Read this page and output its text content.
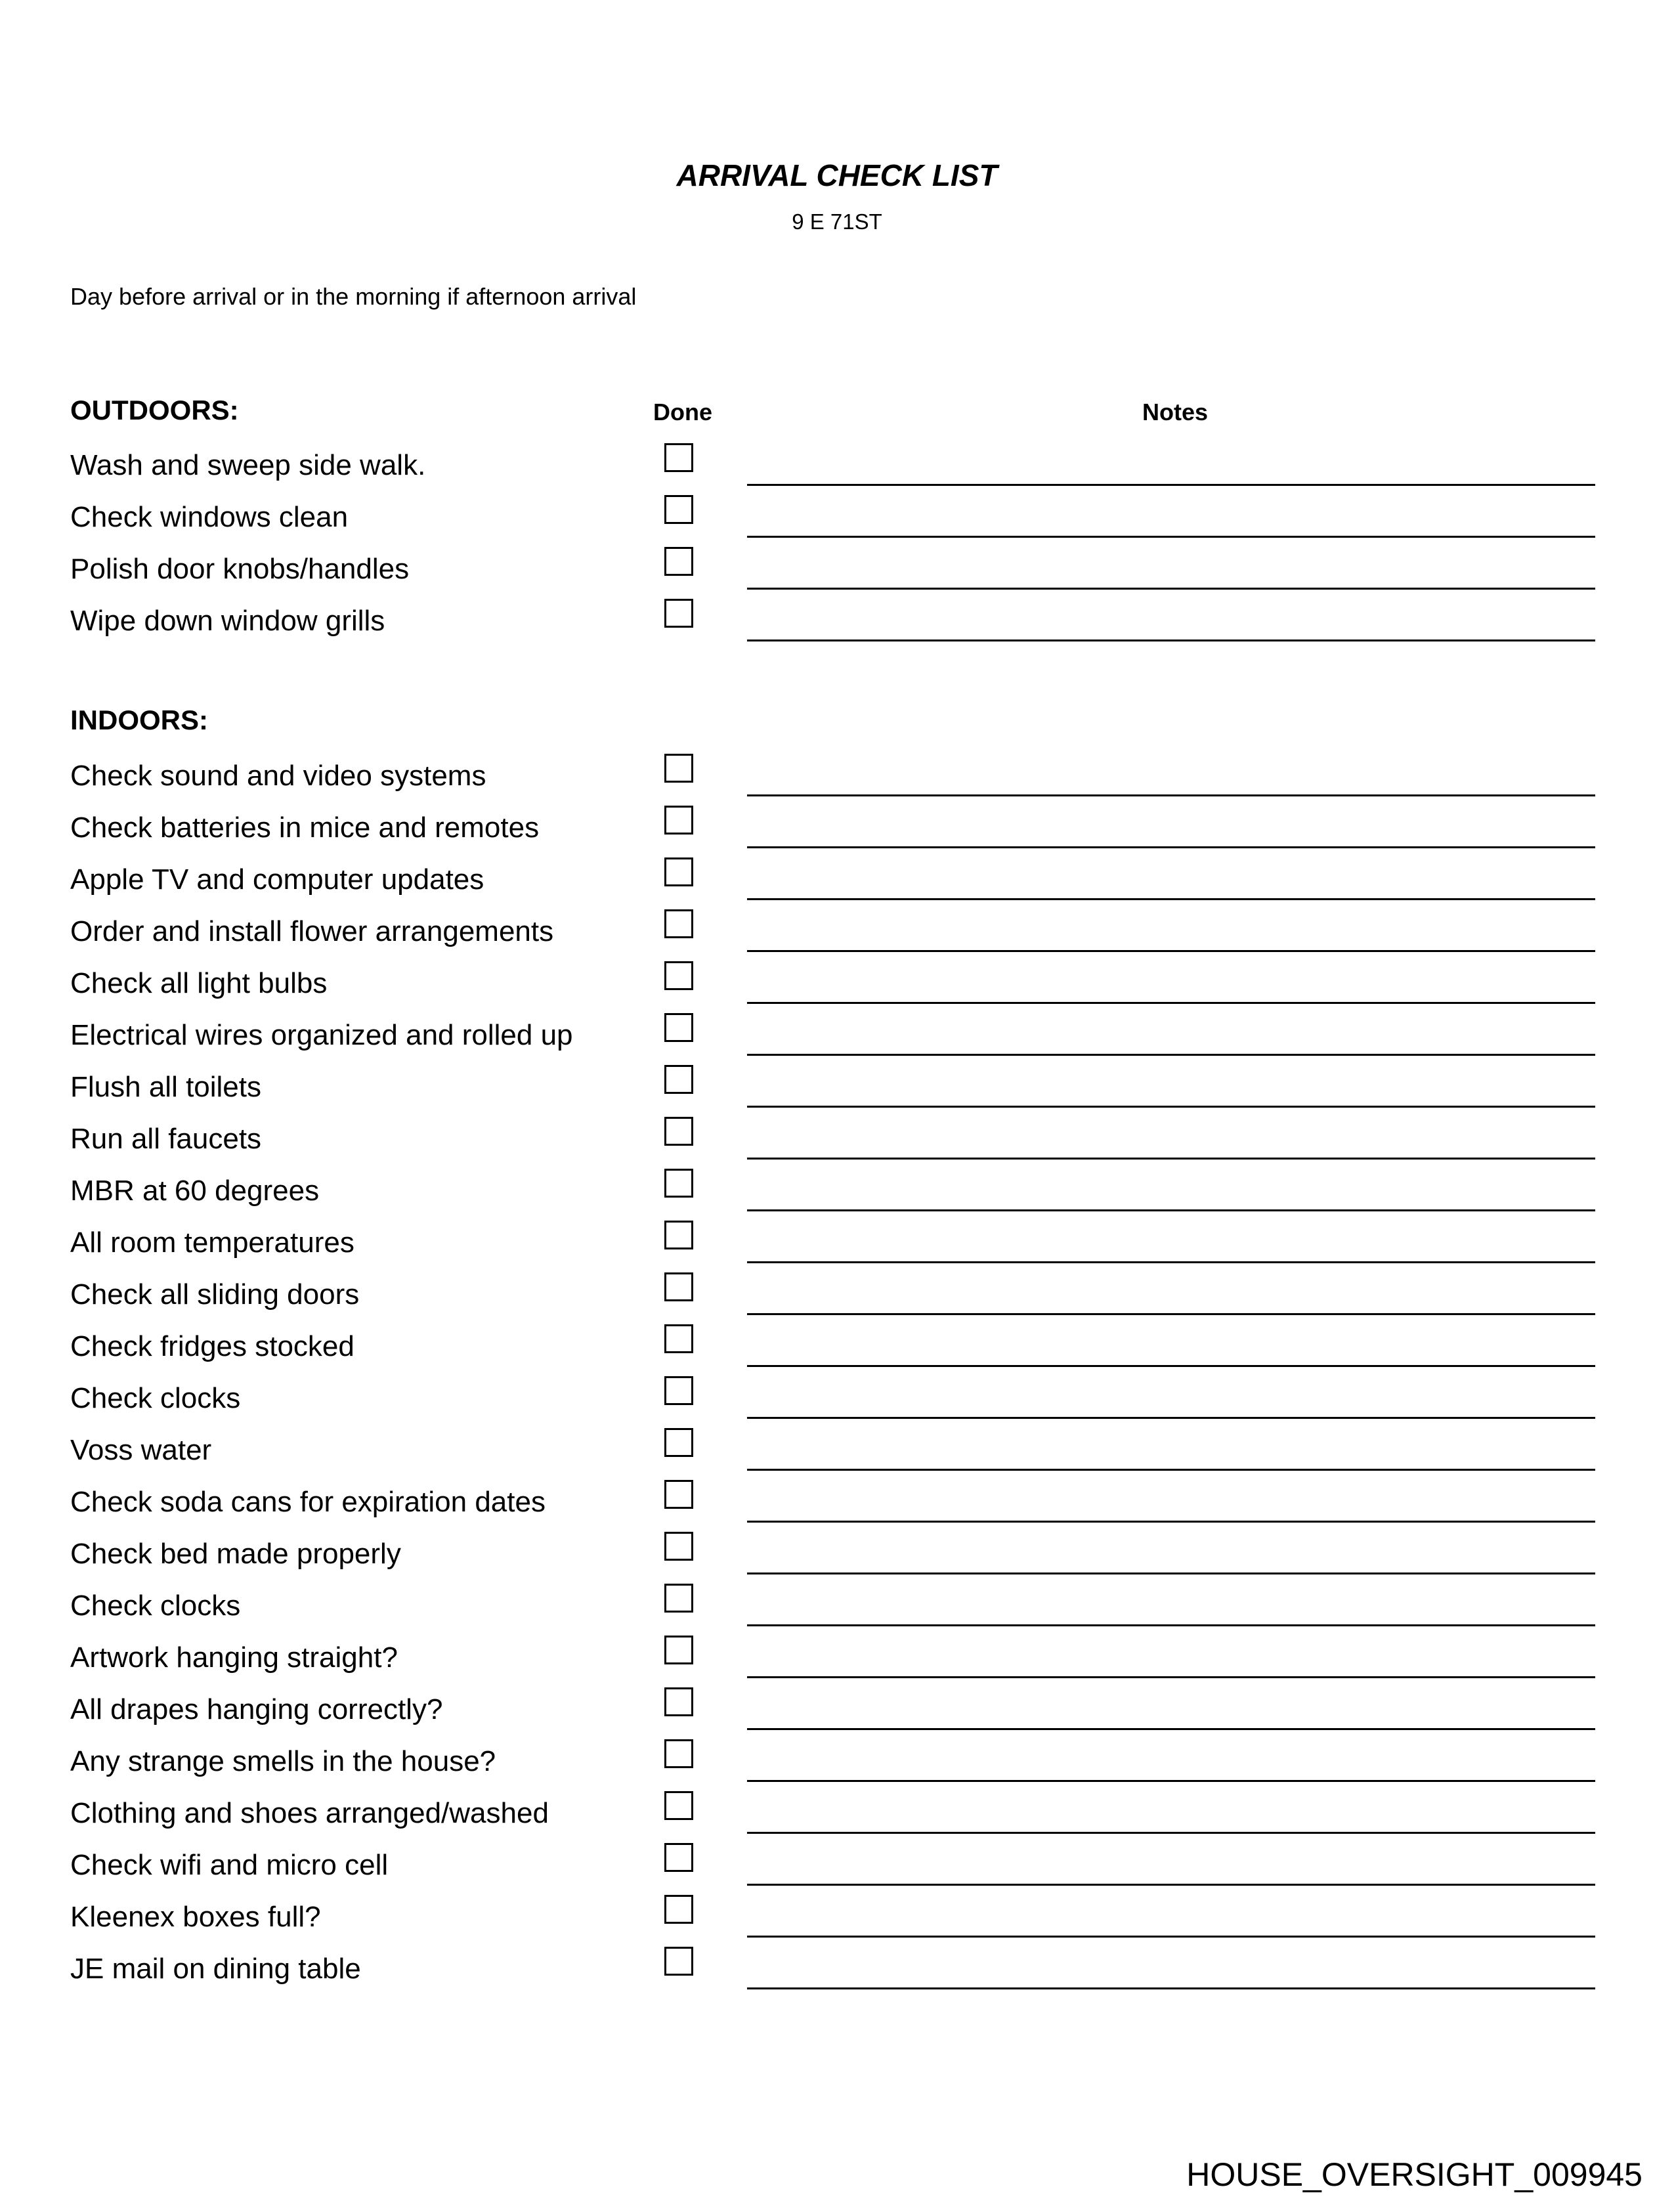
ARRIVAL CHECK LIST
9 E 71ST
Day before arrival or in the morning if afternoon arrival
OUTDOORS:	Done	Notes
Wash and sweep side walk.
Check windows clean
Polish door knobs/handles
Wipe down window grills
INDOORS:
Check sound and video systems
Check batteries in mice and remotes
Apple TV and computer updates
Order and install flower arrangements
Check all light bulbs
Electrical wires organized and rolled up
Flush all toilets
Run all faucets
MBR at 60 degrees
All room temperatures
Check all sliding doors
Check fridges stocked
Check clocks
Voss water
Check soda cans for expiration dates
Check bed made properly
Check clocks
Artwork hanging straight?
All drapes hanging correctly?
Any strange smells in the house?
Clothing and shoes arranged/washed
Check wifi and micro cell
Kleenex boxes full?
JE mail on dining table
HOUSE_OVERSIGHT_009945
